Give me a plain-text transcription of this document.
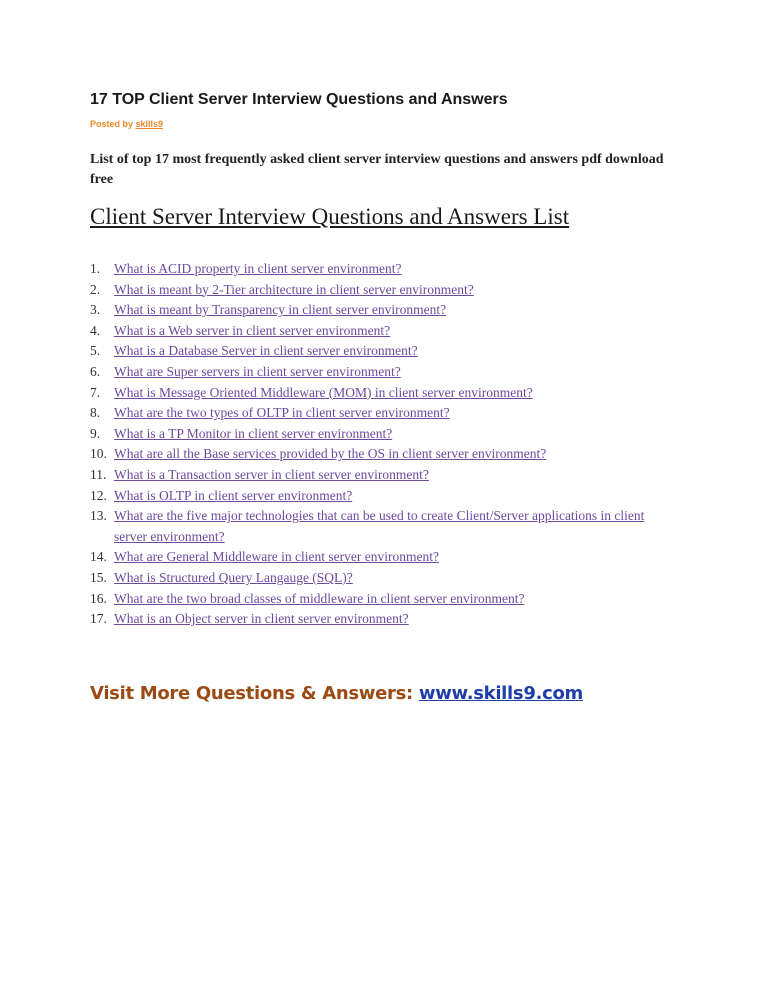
17 TOP Client Server Interview Questions and Answers
Posted by skills9
List of top 17 most frequently asked client server interview questions and answers pdf download free
Client Server Interview Questions and Answers List
1.	What is ACID property in client server environment?
2.	What is meant by 2-Tier architecture in client server environment?
3.	What is meant by Transparency in client server environment?
4.	What is a Web server in client server environment?
5.	What is a Database Server in client server environment?
6.	What are Super servers in client server environment?
7.	What is Message Oriented Middleware (MOM) in client server environment?
8.	What are the two types of OLTP in client server environment?
9.	What is a TP Monitor in client server environment?
10. What are all the Base services provided by the OS in client server environment?
11. What is a Transaction server in client server environment?
12. What is OLTP in client server environment?
13. What are the five major technologies that can be used to create Client/Server applications in client server environment?
14. What are General Middleware in client server environment?
15. What is Structured Query Langauge (SQL)?
16. What are the two broad classes of middleware in client server environment?
17. What is an Object server in client server environment?
Visit More Questions & Answers: www.skills9.com
